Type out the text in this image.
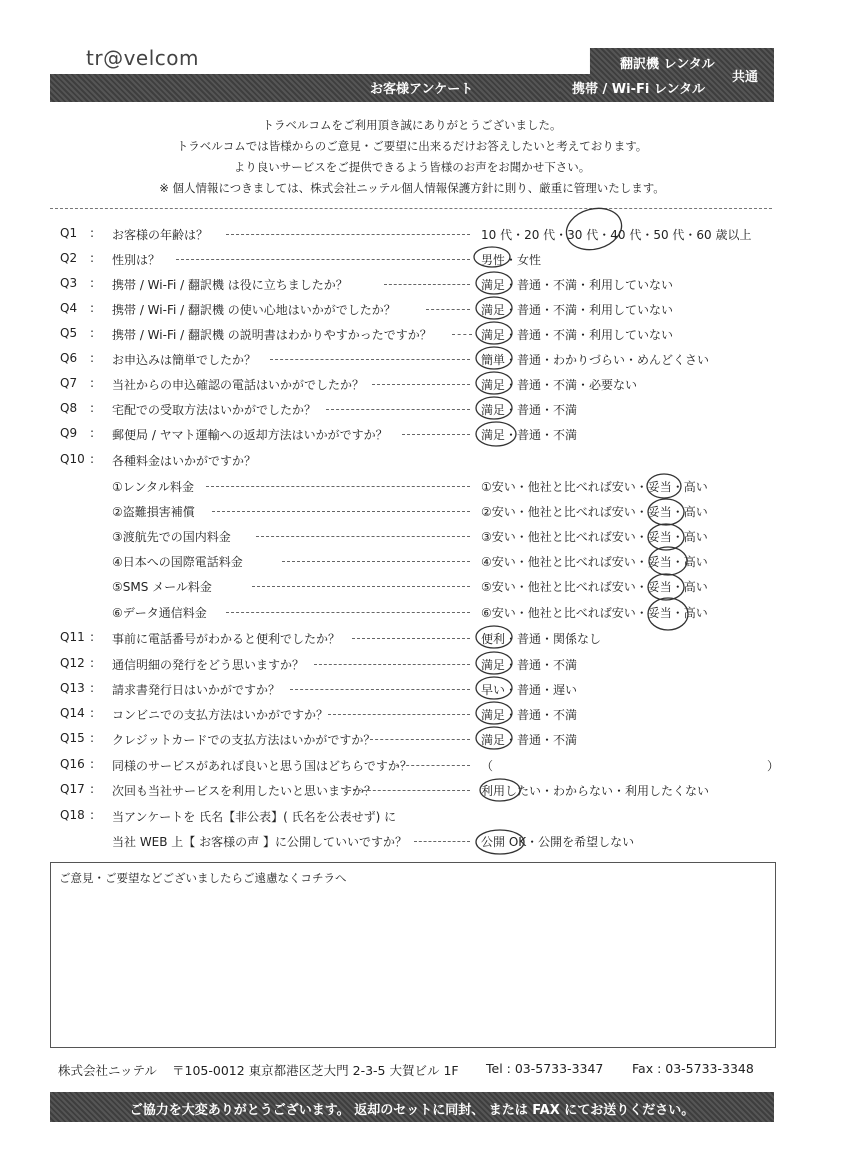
tr@velcom
お客様アンケート
翻訳機 レンタル
携帯 / Wi-Fi レンタル
共通
トラベルコムをご利用頂き誠にありがとうございました。
トラベルコムでは皆様からのご意見・ご要望に出来るだけお答えしたいと考えております。
より良いサービスをご提供できるよう皆様のお声をお聞かせ下さい。
※ 個人情報につきましては、株式会社ニッテル個人情報保護方針に則り、厳重に管理いたします。
Q1 : お客様の年齢は？	10 代・20 代・30 代・40 代・50 代・60 歳以上
Q2 : 性別は？	男性・女性
Q3 : 携帯 / Wi-Fi / 翻訳機 は役に立ちましたか？	満足・普通・不満・利用していない
Q4 : 携帯 / Wi-Fi / 翻訳機 の使い心地はいかがでしたか？	満足・普通・不満・利用していない
Q5 : 携帯 / Wi-Fi / 翻訳機 の説明書はわかりやすかったですか？	満足・普通・不満・利用していない
Q6 : お申込みは簡単でしたか？	簡単・普通・わかりづらい・めんどくさい
Q7 : 当社からの申込確認の電話はいかがでしたか？	満足・普通・不満・必要ない
Q8 : 宅配での受取方法はいかがでしたか？	満足・普通・不満
Q9 : 郵便局 / ヤマト運輸への返却方法はいかがですか？	満足・普通・不満
Q10 : 各種料金はいかがですか？
①レンタル料金	①安い・他社と比べれば安い・妥当・高い
②盗難損害補償	②安い・他社と比べれば安い・妥当・高い
③渡航先での国内料金	③安い・他社と比べれば安い・妥当・高い
④日本への国際電話料金	④安い・他社と比べれば安い・妥当・高い
⑤SMS メール料金	⑤安い・他社と比べれば安い・妥当・高い
⑥データ通信料金	⑥安い・他社と比べれば安い・妥当・高い
Q11 : 事前に電話番号がわかると便利でしたか？	便利・普通・関係なし
Q12 : 通信明細の発行をどう思いますか？	満足・普通・不満
Q13 : 請求書発行日はいかがですか？	早い・普通・遅い
Q14 : コンビニでの支払方法はいかがですか？	満足・普通・不満
Q15 : クレジットカードでの支払方法はいかがですか？	満足・普通・不満
Q16 : 同様のサービスがあれば良いと思う国はどちらですか？	（	）
Q17 : 次回も当社サービスを利用したいと思いますか？	利用したい・わからない・利用したくない
Q18 : 当アンケートを 氏名【非公表】( 氏名を公表せず) に
当社 WEB 上【 お客様の声 】に公開していいですか？	公開 OK・公開を希望しない
ご意見・ご要望などございましたらご遠慮なくコチラへ
株式会社ニッテル 〒105-0012 東京都港区芝大門 2-3-5 大賀ビル 1F Tel : 03-5733-3347 Fax : 03-5733-3348
ご協力を大変ありがとうございます。 返却のセットに同封、 または FAX にてお送りください。
